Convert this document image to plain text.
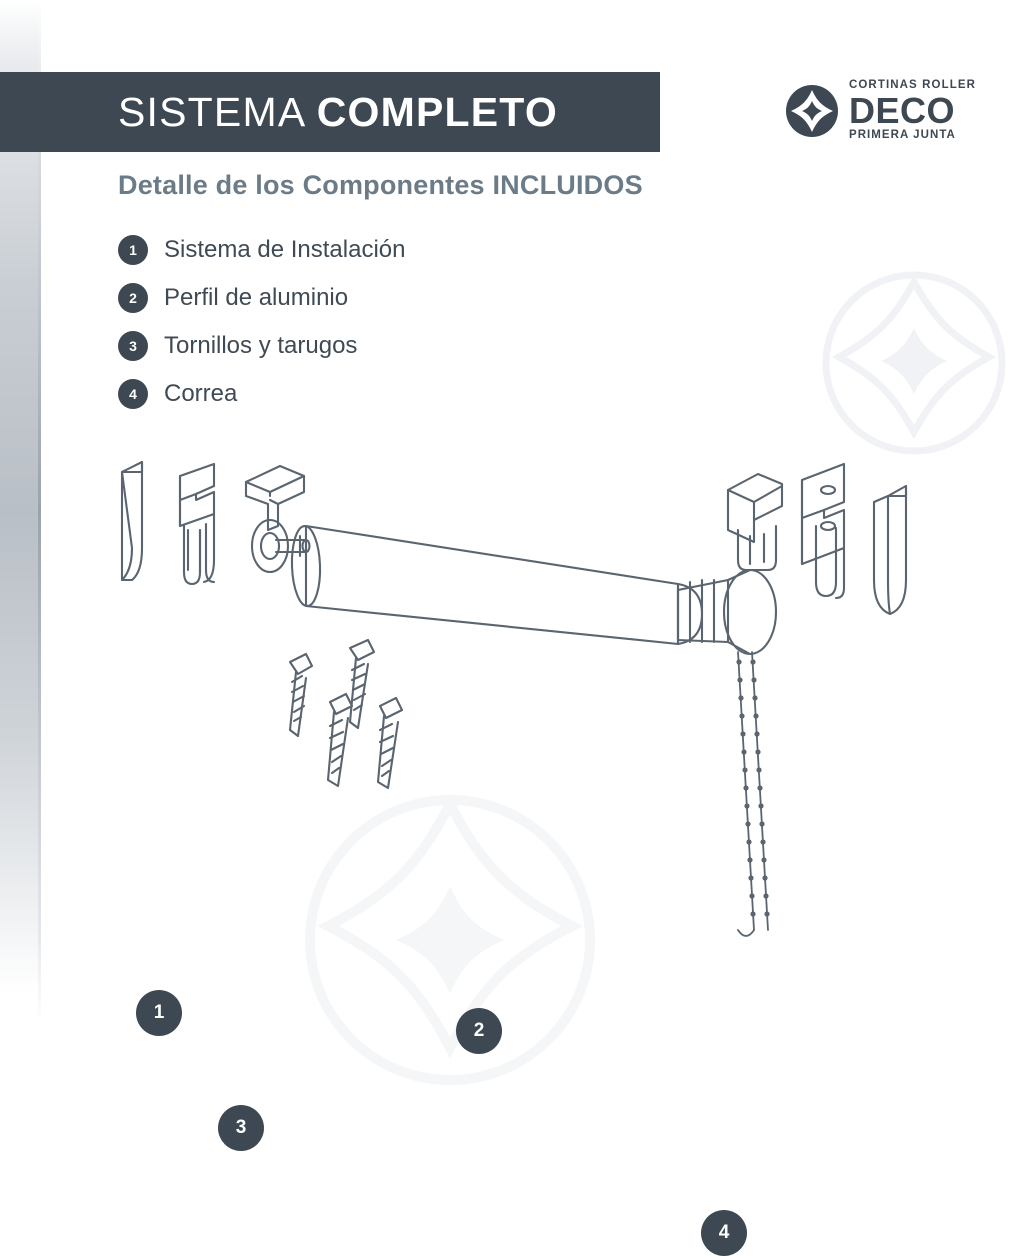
SISTEMA COMPLETO
CORTINAS ROLLER
DECO
PRIMERA JUNTA
Detalle de los Componentes INCLUIDOS
1	Sistema de Instalación
2	Perfil de aluminio
3	Tornillos y tarugos
4	Correa
1
2
3
4
